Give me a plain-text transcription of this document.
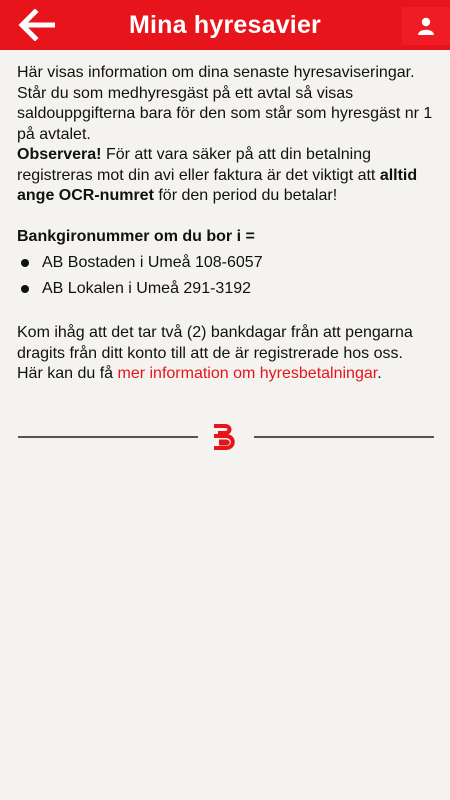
Mina hyresavier

Här visas information om dina senaste hyresaviseringar. Står du som medhyresgäst på ett avtal så visas saldouppgifterna bara för den som står som hyresgäst nr 1 på avtalet.
Observera! För att vara säker på att din betalning registreras mot din avi eller faktura är det viktigt att alltid ange OCR-numret för den period du betalar!

Bankgironummer om du bor i =
AB Bostaden i Umeå 108-6057
AB Lokalen i Umeå 291-3192

Kom ihåg att det tar två (2) bankdagar från att pengarna dragits från ditt konto till att de är registrerade hos oss. Här kan du få mer information om hyresbetalningar.
